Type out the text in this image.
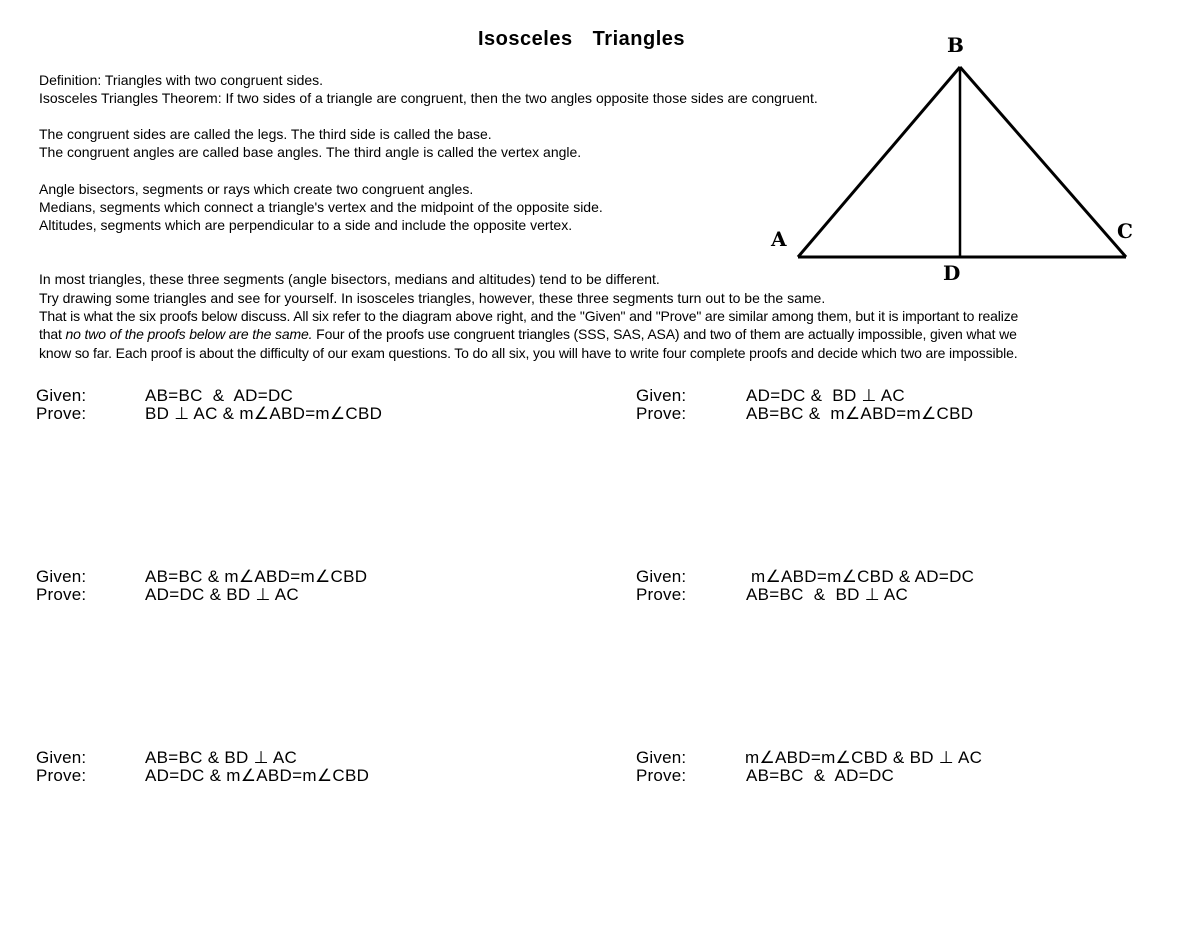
Isosceles  Triangles
Definition: Triangles with two congruent sides.
Isosceles Triangles Theorem: If two sides of a triangle are congruent, then the two angles opposite those sides are congruent.
The congruent sides are called the legs. The third side is called the base.
The congruent angles are called base angles. The third angle is called the vertex angle.
Angle bisectors, segments or rays which create two congruent angles.
Medians, segments which connect a triangle's vertex and the midpoint of the opposite side.
Altitudes, segments which are perpendicular to a side and include the opposite vertex.
In most triangles, these three segments (angle bisectors, medians and altitudes) tend to be different.
Try drawing some triangles and see for yourself. In isosceles triangles, however, these three segments turn out to be the same.
That is what the six proofs below discuss. All six refer to the diagram above right, and the "Given" and "Prove" are similar among them, but it is important to realize
that no two of the proofs below are the same. Four of the proofs use congruent triangles (SSS, SAS, ASA) and two of them are actually impossible, given what we
know so far. Each proof is about the difficulty of our exam questions. To do all six, you will have to write four complete proofs and decide which two are impossible.
B
A	C
D
Given:	AB=BC  &  AD=DC
Prove:	BD ⊥ AC & m∠ABD=m∠CBD
Given:	AD=DC &  BD ⊥ AC
Prove:	AB=BC &  m∠ABD=m∠CBD
Given:	AB=BC & m∠ABD=m∠CBD
Prove:	AD=DC & BD ⊥ AC
Given:	m∠ABD=m∠CBD & AD=DC
Prove:	AB=BC  &  BD ⊥ AC
Given:	AB=BC & BD ⊥ AC
Prove:	AD=DC & m∠ABD=m∠CBD
Given:	m∠ABD=m∠CBD & BD ⊥ AC
Prove:	AB=BC  &  AD=DC
